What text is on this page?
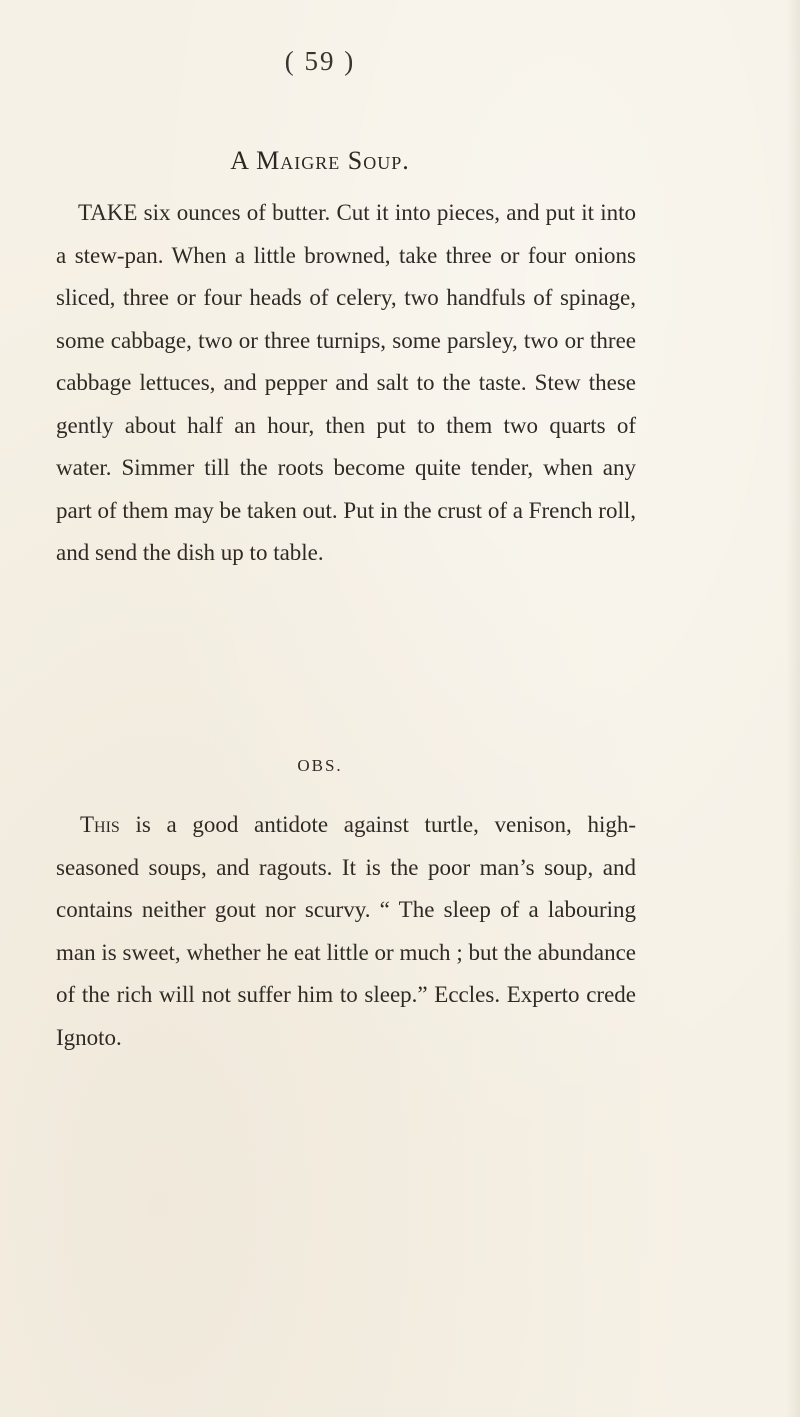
( 59 )
A Maigre Soup.

TAKE six ounces of butter. Cut it into pieces, and put it into a stew-pan. When a little browned, take three or four onions sliced, three or four heads of celery, two handfuls of spinage, some cabbage, two or three turnips, some parsley, two or three cabbage lettuces, and pepper and salt to the taste. Stew these gently about half an hour, then put to them two quarts of water. Simmer till the roots become quite tender, when any part of them may be taken out. Put in the crust of a French roll, and send the dish up to table.

OBS.

This is a good antidote against turtle, venison, high-seasoned soups, and ragouts. It is the poor man’s soup, and contains neither gout nor scurvy. “ The sleep of a labouring man is sweet, whether he eat little or much ; but the abundance of the rich will not suffer him to sleep.” Eccles. Experto crede Ignoto.
